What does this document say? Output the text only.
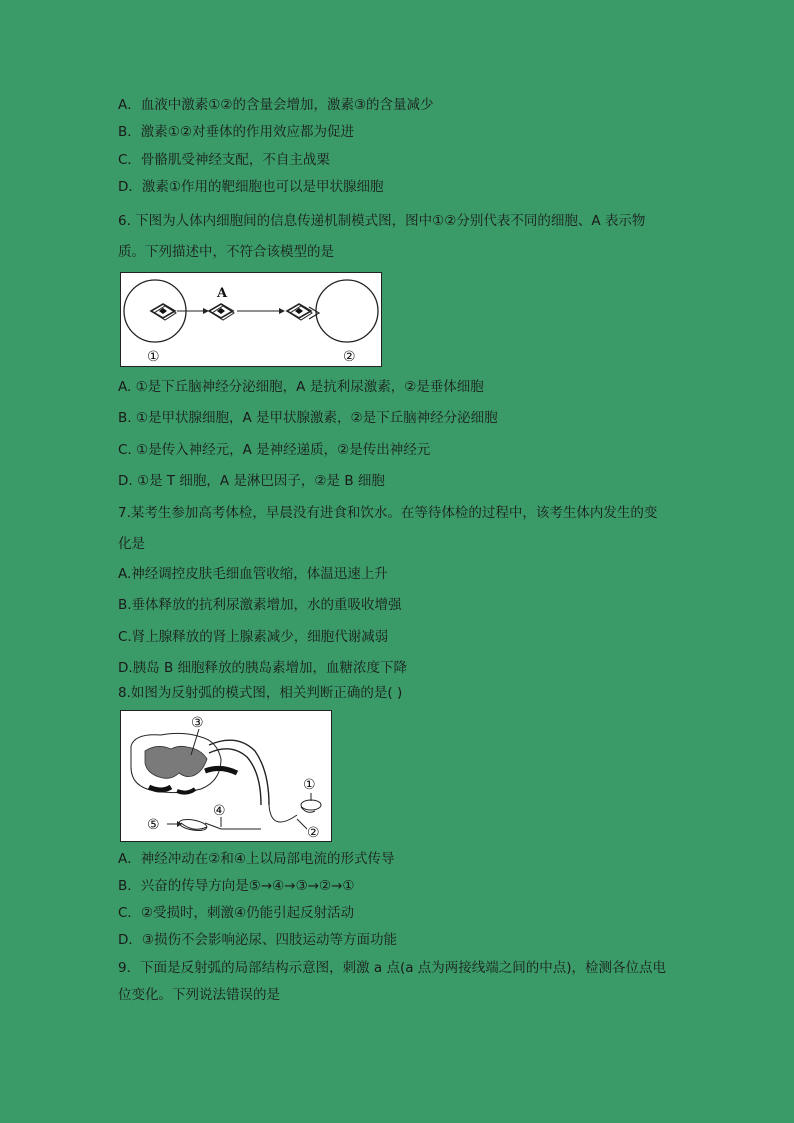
A．血液中激素①②的含量会增加，激素③的含量减少
B．激素①②对垂体的作用效应都为促进
C．骨骼肌受神经支配，不自主战栗
D．激素①作用的靶细胞也可以是甲状腺细胞
6. 下图为人体内细胞间的信息传递机制模式图，图中①②分别代表不同的细胞、A 表示物
质。下列描述中，不符合该模型的是
A
①	②
A. ①是下丘脑神经分泌细胞，A 是抗利尿激素，②是垂体细胞
B. ①是甲状腺细胞，A 是甲状腺激素，②是下丘脑神经分泌细胞
C. ①是传入神经元，A 是神经递质，②是传出神经元
D. ①是 T 细胞，A 是淋巴因子，②是 B 细胞
7.某考生参加高考体检，早晨没有进食和饮水。在等待体检的过程中，该考生体内发生的变
化是
A.神经调控皮肤毛细血管收缩，体温迅速上升
B.垂体释放的抗利尿激素增加，水的重吸收增强
C.肾上腺释放的肾上腺素减少，细胞代谢减弱
D.胰岛 B 细胞释放的胰岛素增加，血糖浓度下降
8.如图为反射弧的模式图，相关判断正确的是( )
⑤
④
③
①
②
A．神经冲动在②和④上以局部电流的形式传导
B．兴奋的传导方向是⑤→④→③→②→①
C．②受损时，刺激④仍能引起反射活动
D．③损伤不会影响泌尿、四肢运动等方面功能
9．下面是反射弧的局部结构示意图，刺激 a 点(a 点为两接线端之间的中点)，检测各位点电
位变化。下列说法错误的是
